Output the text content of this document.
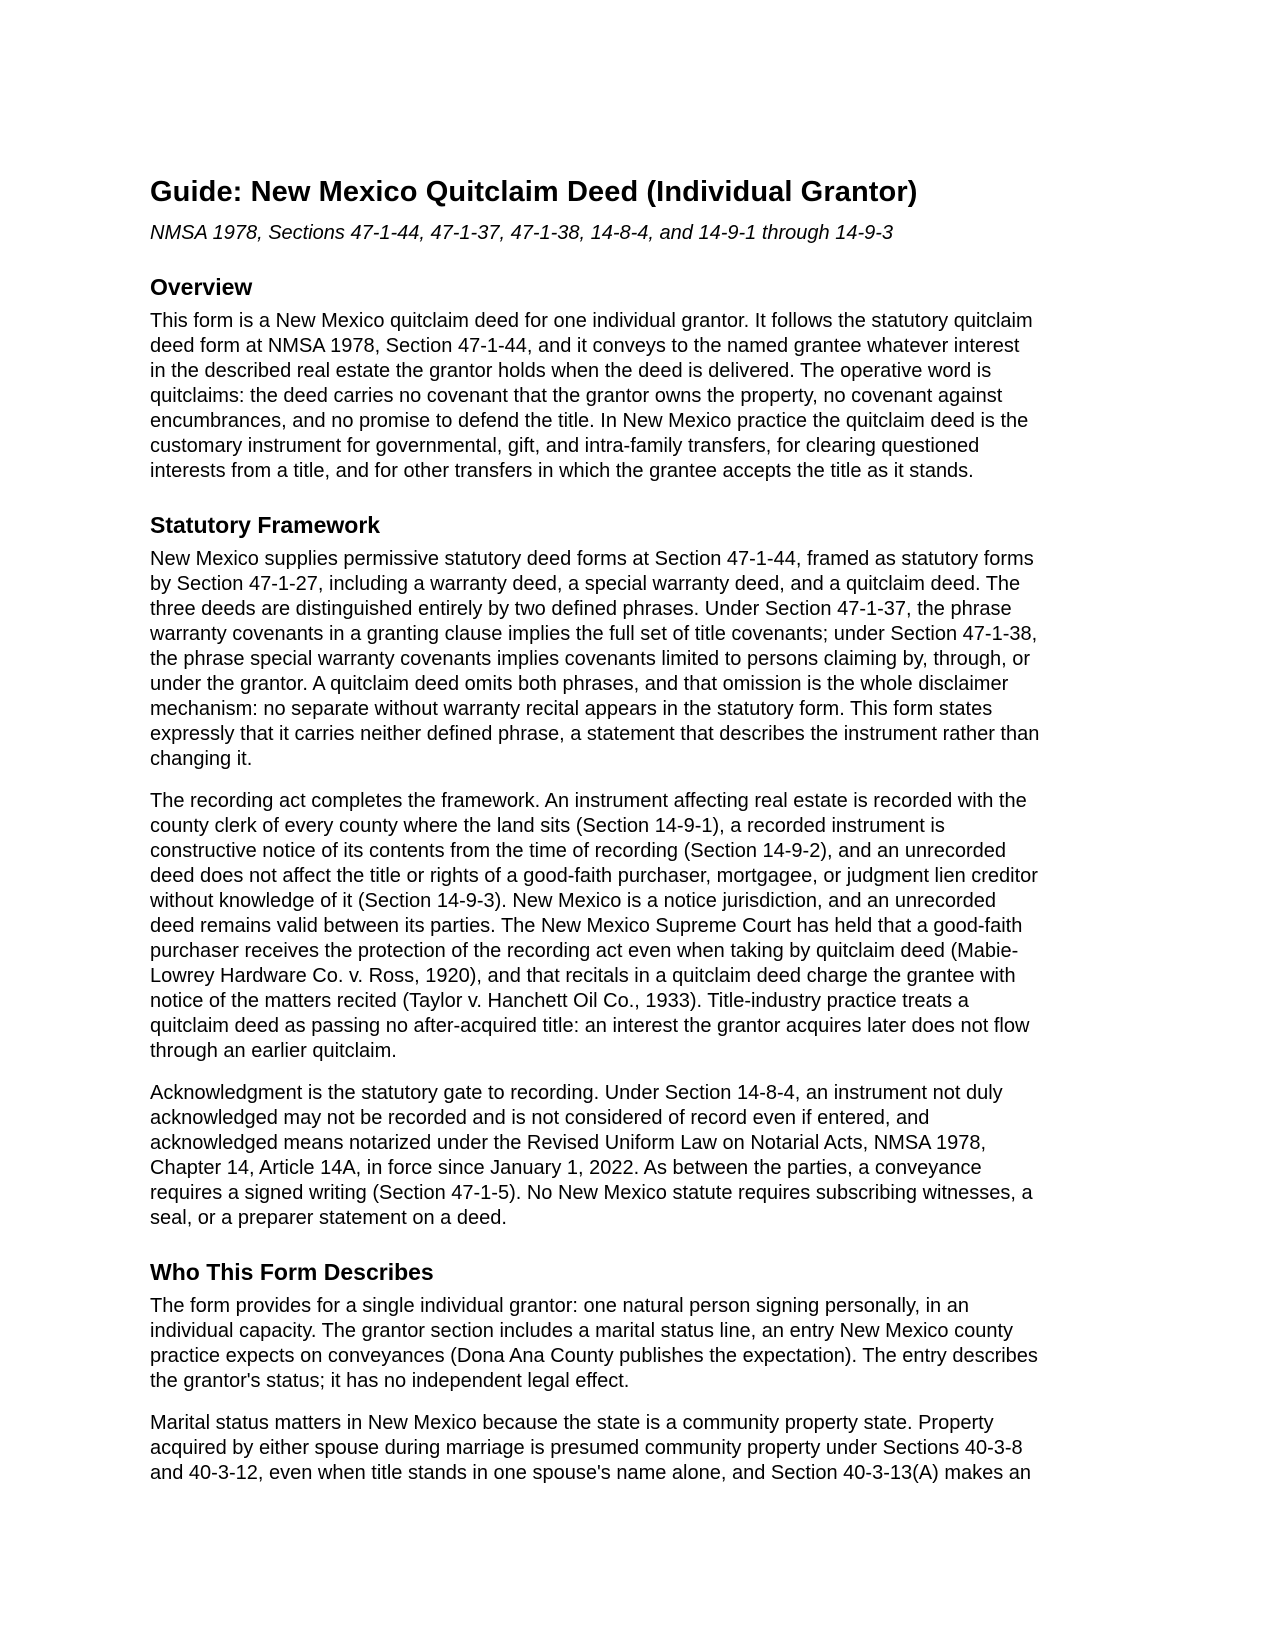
Guide: New Mexico Quitclaim Deed (Individual Grantor)
NMSA 1978, Sections 47-1-44, 47-1-37, 47-1-38, 14-8-4, and 14-9-1 through 14-9-3
Overview

This form is a New Mexico quitclaim deed for one individual grantor. It follows the statutory quitclaim
deed form at NMSA 1978, Section 47-1-44, and it conveys to the named grantee whatever interest
in the described real estate the grantor holds when the deed is delivered. The operative word is
quitclaims: the deed carries no covenant that the grantor owns the property, no covenant against
encumbrances, and no promise to defend the title. In New Mexico practice the quitclaim deed is the
customary instrument for governmental, gift, and intra-family transfers, for clearing questioned
interests from a title, and for other transfers in which the grantee accepts the title as it stands.

Statutory Framework

New Mexico supplies permissive statutory deed forms at Section 47-1-44, framed as statutory forms
by Section 47-1-27, including a warranty deed, a special warranty deed, and a quitclaim deed. The
three deeds are distinguished entirely by two defined phrases. Under Section 47-1-37, the phrase
warranty covenants in a granting clause implies the full set of title covenants; under Section 47-1-38,
the phrase special warranty covenants implies covenants limited to persons claiming by, through, or
under the grantor. A quitclaim deed omits both phrases, and that omission is the whole disclaimer
mechanism: no separate without warranty recital appears in the statutory form. This form states
expressly that it carries neither defined phrase, a statement that describes the instrument rather than
changing it.

The recording act completes the framework. An instrument affecting real estate is recorded with the
county clerk of every county where the land sits (Section 14-9-1), a recorded instrument is
constructive notice of its contents from the time of recording (Section 14-9-2), and an unrecorded
deed does not affect the title or rights of a good-faith purchaser, mortgagee, or judgment lien creditor
without knowledge of it (Section 14-9-3). New Mexico is a notice jurisdiction, and an unrecorded
deed remains valid between its parties. The New Mexico Supreme Court has held that a good-faith
purchaser receives the protection of the recording act even when taking by quitclaim deed (Mabie-
Lowrey Hardware Co. v. Ross, 1920), and that recitals in a quitclaim deed charge the grantee with
notice of the matters recited (Taylor v. Hanchett Oil Co., 1933). Title-industry practice treats a
quitclaim deed as passing no after-acquired title: an interest the grantor acquires later does not flow
through an earlier quitclaim.

Acknowledgment is the statutory gate to recording. Under Section 14-8-4, an instrument not duly
acknowledged may not be recorded and is not considered of record even if entered, and
acknowledged means notarized under the Revised Uniform Law on Notarial Acts, NMSA 1978,
Chapter 14, Article 14A, in force since January 1, 2022. As between the parties, a conveyance
requires a signed writing (Section 47-1-5). No New Mexico statute requires subscribing witnesses, a
seal, or a preparer statement on a deed.

Who This Form Describes

The form provides for a single individual grantor: one natural person signing personally, in an
individual capacity. The grantor section includes a marital status line, an entry New Mexico county
practice expects on conveyances (Dona Ana County publishes the expectation). The entry describes
the grantor's status; it has no independent legal effect.

Marital status matters in New Mexico because the state is a community property state. Property
acquired by either spouse during marriage is presumed community property under Sections 40-3-8
and 40-3-12, even when title stands in one spouse's name alone, and Section 40-3-13(A) makes an
